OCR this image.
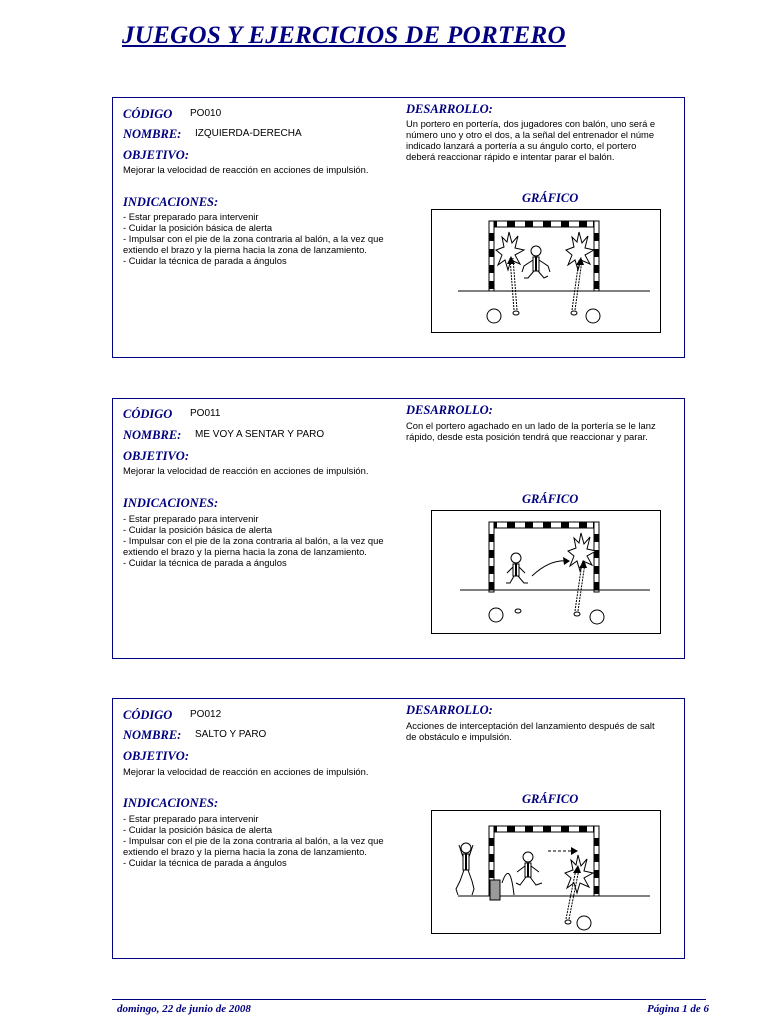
JUEGOS Y EJERCICIOS DE PORTERO
CÓDIGO PO010
NOMBRE: IZQUIERDA-DERECHA
OBJETIVO:
Mejorar la velocidad de reacción en acciones de impulsión.
INDICACIONES:
- Estar preparado para intervenir
- Cuidar la posición básica de alerta
- Impulsar con el pie de la zona contraria al balón, a la vez que
extiendo el brazo y la pierna hacia la zona de lanzamiento.
- Cuidar la técnica de parada a ángulos
DESARROLLO:
Un portero en portería, dos jugadores con balón, uno será e
número uno y otro el dos, a la señal del entrenador el núme
indicado lanzará a portería a su ángulo corto, el portero
deberá reaccionar rápido e intentar parar el balón.
GRÁFICO
CÓDIGO PO011
NOMBRE: ME VOY A SENTAR Y PARO
OBJETIVO:
Mejorar la velocidad de reacción en acciones de impulsión.
INDICACIONES:
- Estar preparado para intervenir
- Cuidar la posición básica de alerta
- Impulsar con el pie de la zona contraria al balón, a la vez que
extiendo el brazo y la pierna hacia la zona de lanzamiento.
- Cuidar la técnica de parada a ángulos
DESARROLLO:
Con el portero agachado en un lado de la portería se le lanz
rápido, desde esta posición tendrá que reaccionar y parar.
GRÁFICO
CÓDIGO PO012
NOMBRE: SALTO Y PARO
OBJETIVO:
Mejorar la velocidad de reacción en acciones de impulsión.
INDICACIONES:
- Estar preparado para intervenir
- Cuidar la posición básica de alerta
- Impulsar con el pie de la zona contraria al balón, a la vez que
extiendo el brazo y la pierna hacia la zona de lanzamiento.
- Cuidar la técnica de parada a ángulos
DESARROLLO:
Acciones de interceptación del lanzamiento después de salt
de obstáculo e impulsión.
GRÁFICO
domingo, 22 de junio de 2008	Página 1 de 6
